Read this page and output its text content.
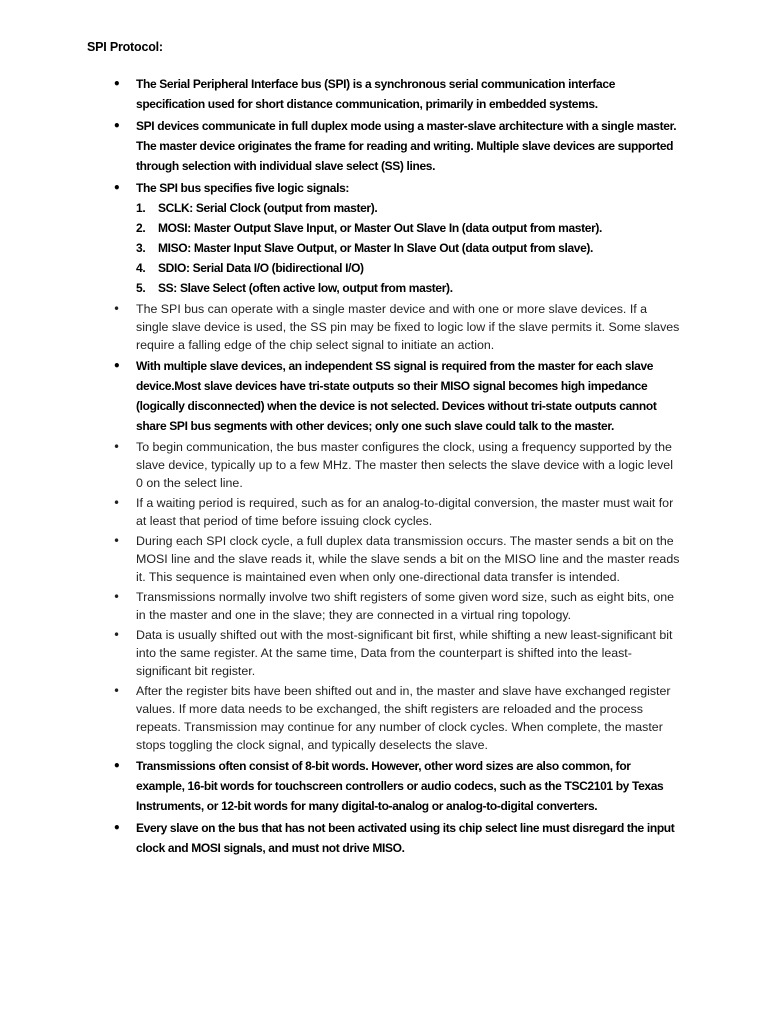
SPI Protocol:
• The Serial Peripheral Interface bus (SPI) is a synchronous serial communication interface specification used for short distance communication, primarily in embedded systems.
• SPI devices communicate in full duplex mode using a master-slave architecture with a single master. The master device originates the frame for reading and writing. Multiple slave devices are supported through selection with individual slave select (SS) lines.
• The SPI bus specifies five logic signals:
1. SCLK: Serial Clock (output from master).
2. MOSI: Master Output Slave Input, or Master Out Slave In (data output from master).
3. MISO: Master Input Slave Output, or Master In Slave Out (data output from slave).
4. SDIO: Serial Data I/O (bidirectional I/O)
5. SS: Slave Select (often active low, output from master).
• The SPI bus can operate with a single master device and with one or more slave devices. If a single slave device is used, the SS pin may be fixed to logic low if the slave permits it. Some slaves require a falling edge of the chip select signal to initiate an action.
• With multiple slave devices, an independent SS signal is required from the master for each slave device.Most slave devices have tri-state outputs so their MISO signal becomes high impedance (logically disconnected) when the device is not selected. Devices without tri-state outputs cannot share SPI bus segments with other devices; only one such slave could talk to the master.
• To begin communication, the bus master configures the clock, using a frequency supported by the slave device, typically up to a few MHz. The master then selects the slave device with a logic level 0 on the select line.
• If a waiting period is required, such as for an analog-to-digital conversion, the master must wait for at least that period of time before issuing clock cycles.
• During each SPI clock cycle, a full duplex data transmission occurs. The master sends a bit on the MOSI line and the slave reads it, while the slave sends a bit on the MISO line and the master reads it. This sequence is maintained even when only one-directional data transfer is intended.
• Transmissions normally involve two shift registers of some given word size, such as eight bits, one in the master and one in the slave; they are connected in a virtual ring topology.
• Data is usually shifted out with the most-significant bit first, while shifting a new least-significant bit into the same register. At the same time, Data from the counterpart is shifted into the least-significant bit register.
• After the register bits have been shifted out and in, the master and slave have exchanged register values. If more data needs to be exchanged, the shift registers are reloaded and the process repeats. Transmission may continue for any number of clock cycles. When complete, the master stops toggling the clock signal, and typically deselects the slave.
• Transmissions often consist of 8-bit words. However, other word sizes are also common, for example, 16-bit words for touchscreen controllers or audio codecs, such as the TSC2101 by Texas Instruments, or 12-bit words for many digital-to-analog or analog-to-digital converters.
• Every slave on the bus that has not been activated using its chip select line must disregard the input clock and MOSI signals, and must not drive MISO.
